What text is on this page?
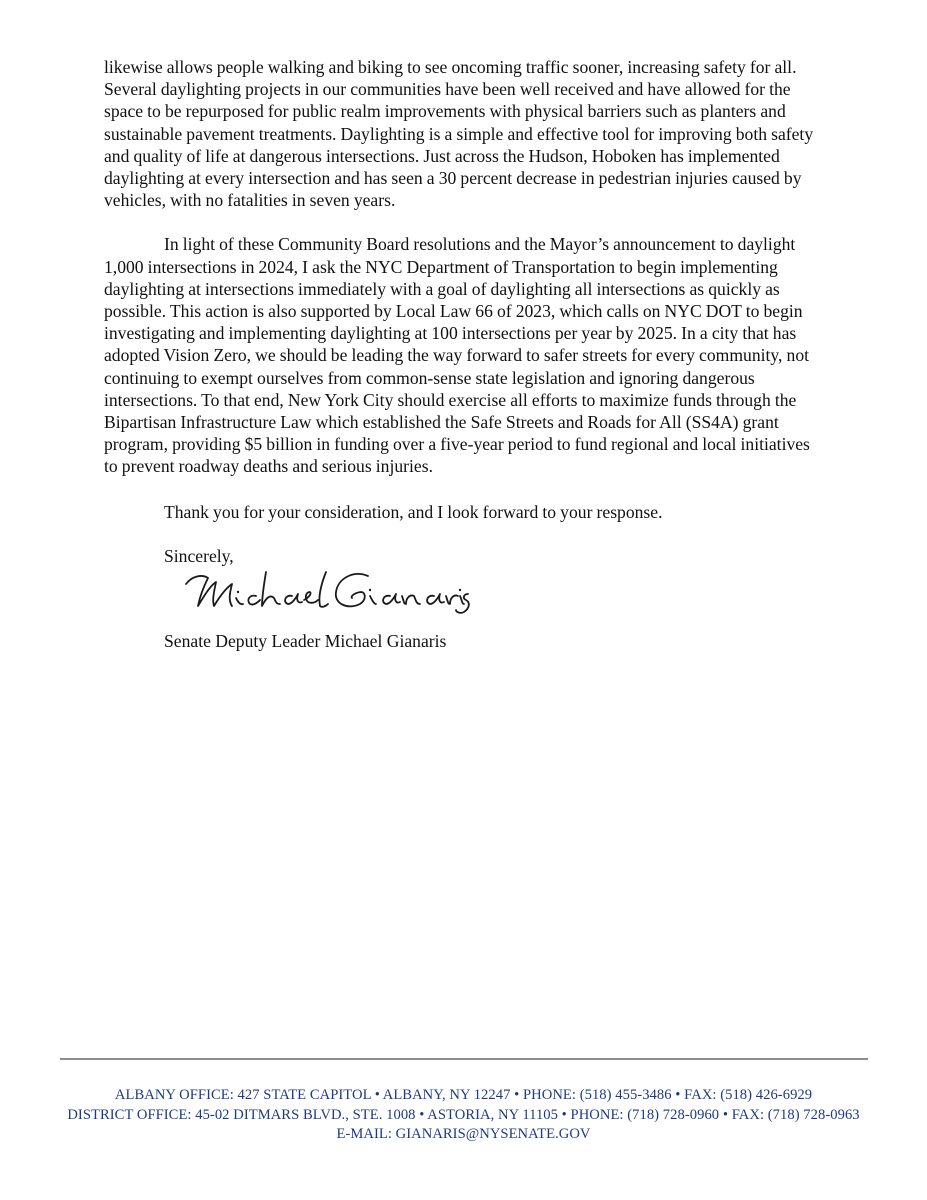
likewise allows people walking and biking to see oncoming traffic sooner, increasing safety for all. Several daylighting projects in our communities have been well received and have allowed for the space to be repurposed for public realm improvements with physical barriers such as planters and sustainable pavement treatments. Daylighting is a simple and effective tool for improving both safety and quality of life at dangerous intersections. Just across the Hudson, Hoboken has implemented daylighting at every intersection and has seen a 30 percent decrease in pedestrian injuries caused by vehicles, with no fatalities in seven years.

In light of these Community Board resolutions and the Mayor’s announcement to daylight 1,000 intersections in 2024, I ask the NYC Department of Transportation to begin implementing daylighting at intersections immediately with a goal of daylighting all intersections as quickly as possible. This action is also supported by Local Law 66 of 2023, which calls on NYC DOT to begin investigating and implementing daylighting at 100 intersections per year by 2025. In a city that has adopted Vision Zero, we should be leading the way forward to safer streets for every community, not continuing to exempt ourselves from common-sense state legislation and ignoring dangerous intersections. To that end, New York City should exercise all efforts to maximize funds through the Bipartisan Infrastructure Law which established the Safe Streets and Roads for All (SS4A) grant program, providing $5 billion in funding over a five-year period to fund regional and local initiatives to prevent roadway deaths and serious injuries.

Thank you for your consideration, and I look forward to your response.

Sincerely,

Senate Deputy Leader Michael Gianaris
ALBANY OFFICE: 427 STATE CAPITOL • ALBANY, NY 12247 • PHONE: (518) 455-3486 • FAX: (518) 426-6929
DISTRICT OFFICE: 45-02 DITMARS BLVD., STE. 1008 • ASTORIA, NY 11105 • PHONE: (718) 728-0960 • FAX: (718) 728-0963
E-MAIL: GIANARIS@NYSENATE.GOV
